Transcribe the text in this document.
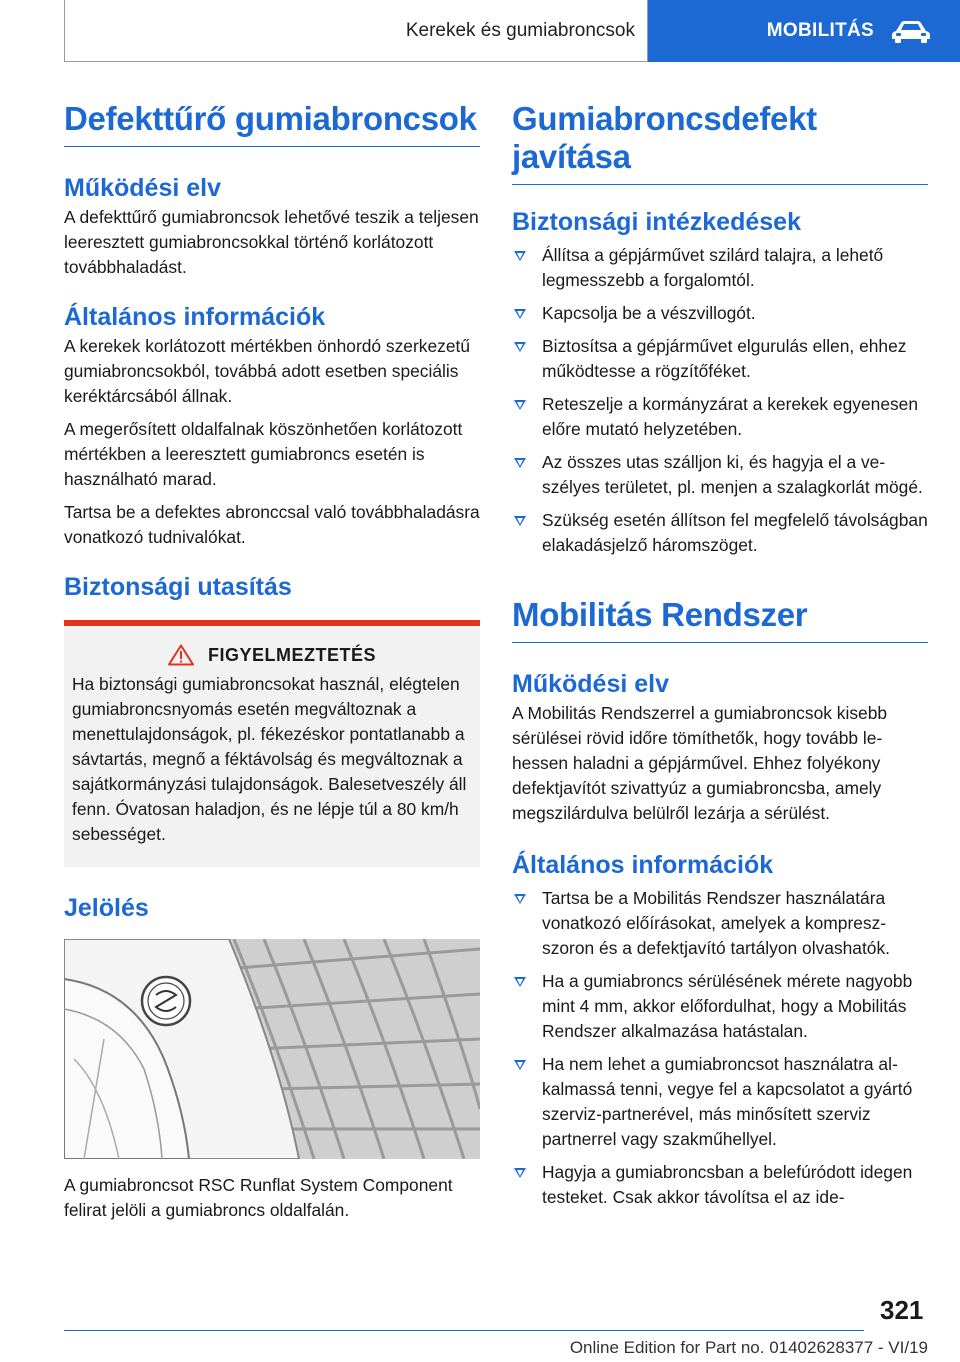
Kerekek és gumiabroncsok	MOBILITÁS
Defekttűrő gumiabroncsok
Működési elv

A defekttűrő gumiabroncsok lehetővé teszik a teljesen leeresztett gumiabroncsokkal történő korlátozott továbbhaladást.

Általános információk

A kerekek korlátozott mértékben önhordó szerkezetű gumiabroncsokból, továbbá adott esetben speciális keréktárcsából állnak.

A megerősített oldalfalnak köszönhetően korlátozott mértékben a leeresztett gumiabroncs esetén is használható marad.

Tartsa be a defektes abronccsal való továbbhaladásra vonatkozó tudnivalókat.

Biztonsági utasítás
FIGYELMEZTETÉS

Ha biztonsági gumiabroncsokat használ, elégtelen gumiabroncsnyomás esetén megváltoznak a menettulajdonságok, pl. fékezéskor pontatlanabb a sávtartás, megnő a féktávolság és megváltoznak a sajátkormányzási tulajdonságok. Balesetveszély áll fenn. Óvatosan haladjon, és ne lépje túl a 80 km/h sebességet.

Jelölés

A gumiabroncsot RSC Runflat System Component felirat jelöli a gumiabroncs oldalfalán.

Gumiabroncsdefekt javítása
Biztonsági intézkedések
Állítsa a gépjárművet szilárd talajra, a lehető legmesszebb a forgalomtól.
Kapcsolja be a vészvillogót.
Biztosítsa a gépjárművet elgurulás ellen, ehhez működtesse a rögzítőféket.
Reteszelje a kormányzárat a kerekek egyenesen előre mutató helyzetében.
Az összes utas szálljon ki, és hagyja el a veszélyes területet, pl. menjen a szalagkorlát mögé.
Szükség esetén állítson fel megfelelő távolságban elakadásjelző háromszöget.
Mobilitás Rendszer
Működési elv

A Mobilitás Rendszerrel a gumiabroncsok kisebb sérülései rövid időre tömíthetők, hogy tovább lehessen haladni a gépjárművel. Ehhez folyékony defektjavítót szivattyúz a gumiabroncsba, amely megszilárdulva belülről lezárja a sérülést.

Általános információk
Tartsa be a Mobilitás Rendszer használatára vonatkozó előírásokat, amelyek a kompreszszoron és a defektjavító tartályon olvashatók.
Ha a gumiabroncs sérülésének mérete nagyobb mint 4 mm, akkor előfordulhat, hogy a Mobilitás Rendszer alkalmazása hatástalan.
Ha nem lehet a gumiabroncsot használatra alkalmassá tenni, vegye fel a kapcsolatot a gyártó szerviz-partnerével, más minősített szerviz partnerrel vagy szakműhellyel.
Hagyja a gumiabroncsban a belefúródott idegen testeket. Csak akkor távolítsa el az ide-
321
Online Edition for Part no. 01402628377 - VI/19
